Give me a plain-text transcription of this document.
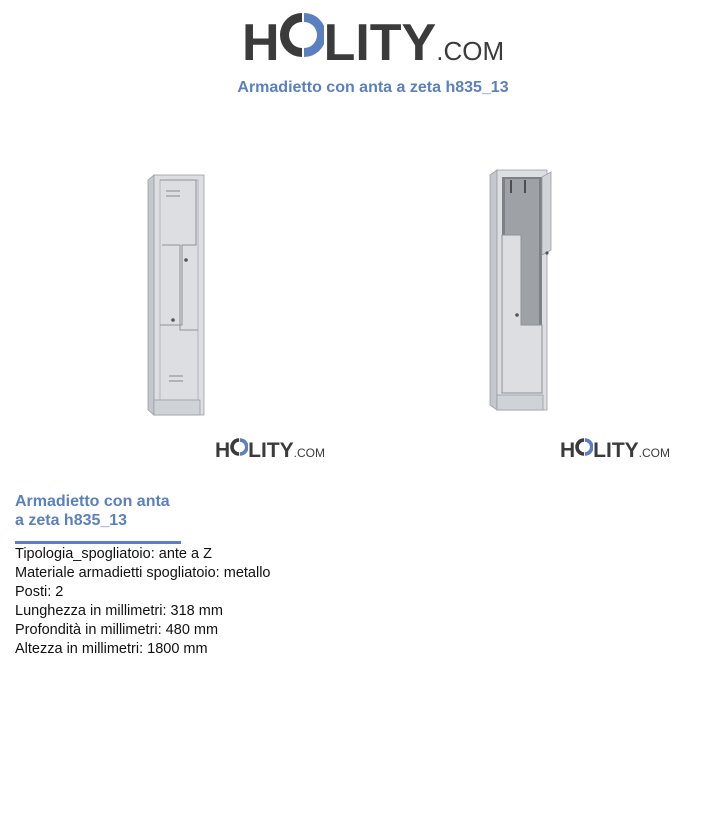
H LITY .COM
Armadietto con anta a zeta h835_13
H LITY .COM	H LITY .COM
Armadietto con anta
a zeta h835_13
Tipologia_spogliatoio: ante a Z
Materiale armadietti spogliatoio: metallo
Posti: 2
Lunghezza in millimetri: 318 mm
Profondità in millimetri: 480 mm
Altezza in millimetri: 1800 mm
